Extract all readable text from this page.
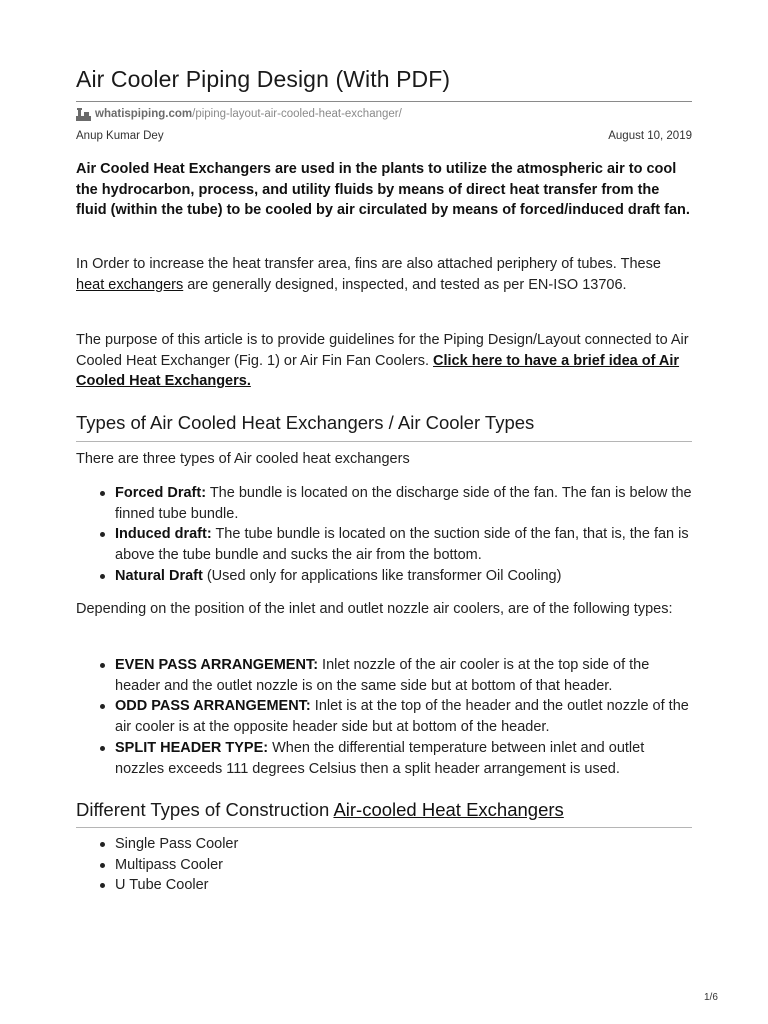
Air Cooler Piping Design (With PDF)
whatispiping.com /piping-layout-air-cooled-heat-exchanger/
Anup Kumar Dey	August 10, 2019
Air Cooled Heat Exchangers are used in the plants to utilize the atmospheric air to cool the hydrocarbon, process, and utility fluids by means of direct heat transfer from the fluid (within the tube) to be cooled by air circulated by means of forced/induced draft fan.
In Order to increase the heat transfer area, fins are also attached periphery of tubes. These heat exchangers are generally designed, inspected, and tested as per EN-ISO 13706.
The purpose of this article is to provide guidelines for the Piping Design/Layout connected to Air Cooled Heat Exchanger (Fig. 1) or Air Fin Fan Coolers. Click here to have a brief idea of Air Cooled Heat Exchangers.
Types of Air Cooled Heat Exchangers / Air Cooler Types
There are three types of Air cooled heat exchangers
Forced Draft: The bundle is located on the discharge side of the fan. The fan is below the finned tube bundle.
Induced draft: The tube bundle is located on the suction side of the fan, that is, the fan is above the tube bundle and sucks the air from the bottom.
Natural Draft (Used only for applications like transformer Oil Cooling)
Depending on the position of the inlet and outlet nozzle air coolers, are of the following types:
EVEN PASS ARRANGEMENT: Inlet nozzle of the air cooler is at the top side of the header and the outlet nozzle is on the same side but at bottom of that header.
ODD PASS ARRANGEMENT: Inlet is at the top of the header and the outlet nozzle of the air cooler is at the opposite header side but at bottom of the header.
SPLIT HEADER TYPE: When the differential temperature between inlet and outlet nozzles exceeds 111 degrees Celsius then a split header arrangement is used.
Different Types of Construction Air-cooled Heat Exchangers
Single Pass Cooler
Multipass Cooler
U Tube Cooler
1/6
